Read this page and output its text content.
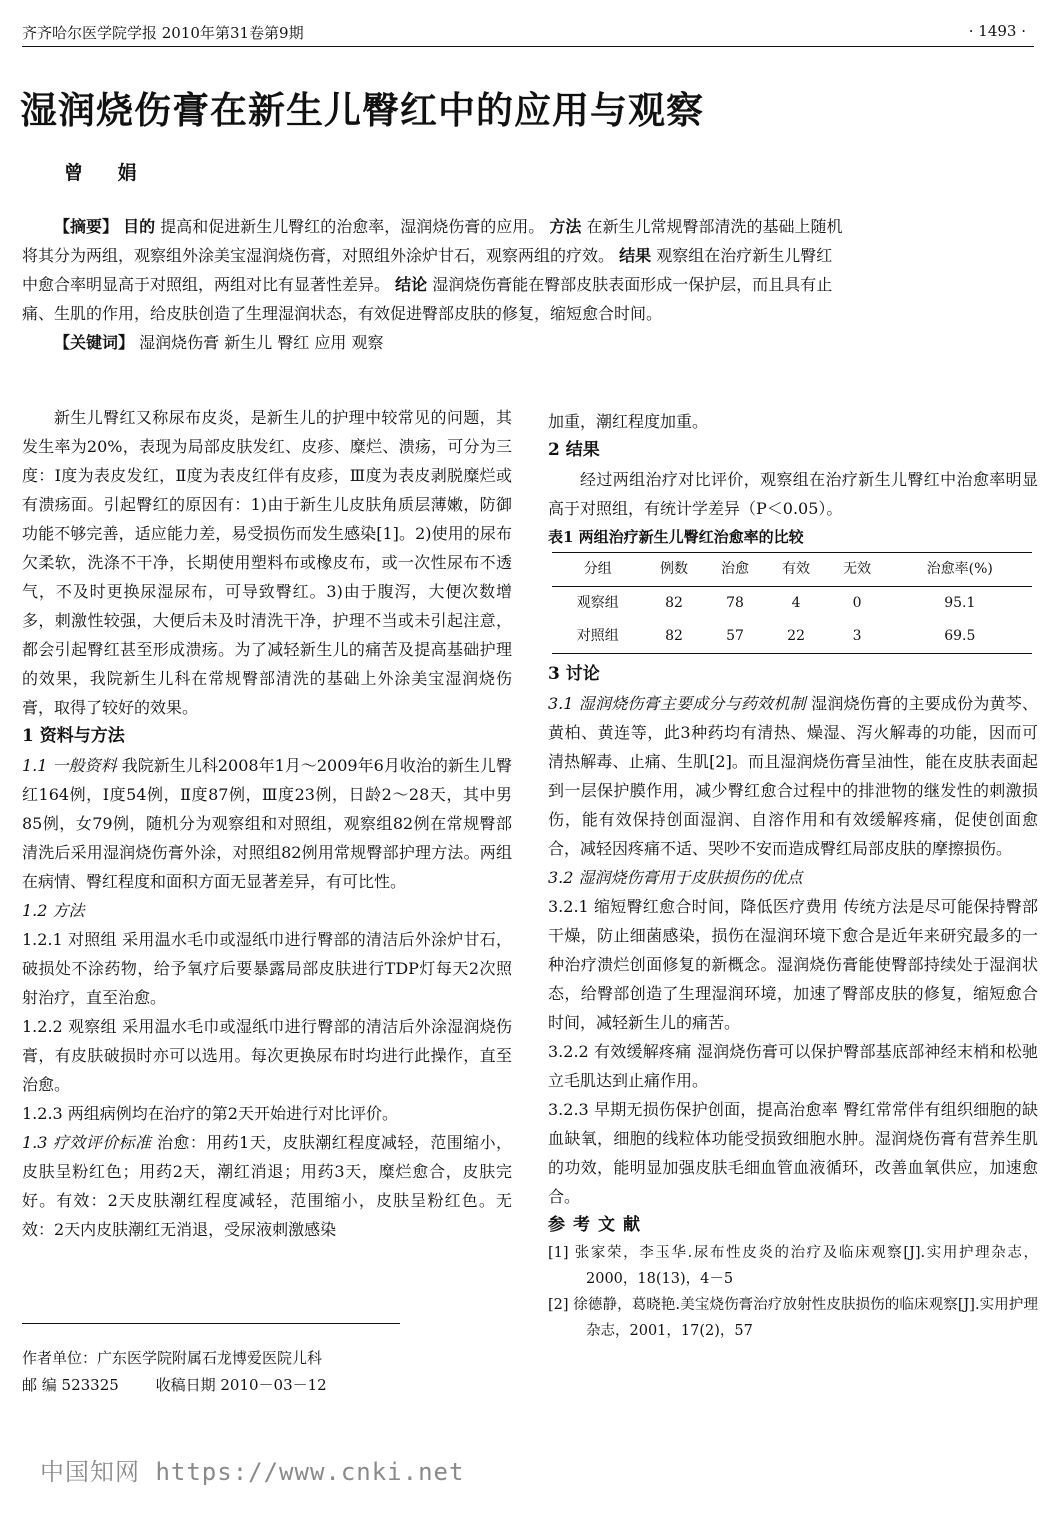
齐齐哈尔医学院学报 2010年第31卷第9期	· 1493 ·
湿润烧伤膏在新生儿臀红中的应用与观察
曾 娟

【摘要】 目的 提高和促进新生儿臀红的治愈率，湿润烧伤膏的应用。 方法 在新生儿常规臀部清洗的基础上随机将其分为两组，观察组外涂美宝湿润烧伤膏，对照组外涂炉甘石，观察两组的疗效。 结果 观察组在治疗新生儿臀红中愈合率明显高于对照组，两组对比有显著性差异。 结论 湿润烧伤膏能在臀部皮肤表面形成一保护层，而且具有止痛、生肌的作用，给皮肤创造了生理湿润状态，有效促进臀部皮肤的修复，缩短愈合时间。

【关键词】 湿润烧伤膏 新生儿 臀红 应用 观察

新生儿臀红又称尿布皮炎，是新生儿的护理中较常见的问题，其发生率为20%，表现为局部皮肤发红、皮疹、糜烂、溃疡，可分为三度：Ⅰ度为表皮发红，Ⅱ度为表皮红伴有皮疹，Ⅲ度为表皮剥脱糜烂或有溃疡面。引起臀红的原因有：1)由于新生儿皮肤角质层薄嫩，防御功能不够完善，适应能力差，易受损伤而发生感染[1]。2)使用的尿布欠柔软，洗涤不干净，长期使用塑料布或橡皮布，或一次性尿布不透气，不及时更换尿湿尿布，可导致臀红。3)由于腹泻，大便次数增多，刺激性较强，大便后未及时清洗干净，护理不当或未引起注意，都会引起臀红甚至形成溃疡。为了减轻新生儿的痛苦及提高基础护理的效果，我院新生儿科在常规臀部清洗的基础上外涂美宝湿润烧伤膏，取得了较好的效果。

1 资料与方法

1.1 一般资料 我院新生儿科2008年1月～2009年6月收治的新生儿臀红164例，Ⅰ度54例，Ⅱ度87例，Ⅲ度23例，日龄2～28天，其中男85例，女79例，随机分为观察组和对照组，观察组82例在常规臀部清洗后采用湿润烧伤膏外涂，对照组82例用常规臀部护理方法。两组在病情、臀红程度和面积方面无显著差异，有可比性。

1.2 方法

1.2.1 对照组 采用温水毛巾或湿纸巾进行臀部的清洁后外涂炉甘石，破损处不涂药物，给予氧疗后要暴露局部皮肤进行TDP灯每天2次照射治疗，直至治愈。

1.2.2 观察组 采用温水毛巾或湿纸巾进行臀部的清洁后外涂湿润烧伤膏，有皮肤破损时亦可以选用。每次更换尿布时均进行此操作，直至治愈。

1.2.3 两组病例均在治疗的第2天开始进行对比评价。

1.3 疗效评价标准 治愈：用药1天，皮肤潮红程度减轻，范围缩小，皮肤呈粉红色；用药2天，潮红消退；用药3天，糜烂愈合，皮肤完好。有效：2天皮肤潮红程度减轻，范围缩小，皮肤呈粉红色。无效：2天内皮肤潮红无消退，受尿液刺激感染

加重，潮红程度加重。

2 结果

经过两组治疗对比评价，观察组在治疗新生儿臀红中治愈率明显高于对照组，有统计学差异（P＜0.05）。

表1 两组治疗新生儿臀红治愈率的比较

分组	例数	治愈	有效	无效	治愈率(%)
观察组	82	78	4	0	95.1
对照组	82	57	22	3	69.5

3 讨论

3.1 湿润烧伤膏主要成分与药效机制 湿润烧伤膏的主要成份为黄芩、黄柏、黄连等，此3种药均有清热、燥湿、泻火解毒的功能，因而可清热解毒、止痛、生肌[2]。而且湿润烧伤膏呈油性，能在皮肤表面起到一层保护膜作用，减少臀红愈合过程中的排泄物的继发性的刺激损伤，能有效保持创面湿润、自溶作用和有效缓解疼痛，促使创面愈合，减轻因疼痛不适、哭吵不安而造成臀红局部皮肤的摩擦损伤。

3.2 湿润烧伤膏用于皮肤损伤的优点

3.2.1 缩短臀红愈合时间，降低医疗费用 传统方法是尽可能保持臀部干燥，防止细菌感染，损伤在湿润环境下愈合是近年来研究最多的一种治疗溃烂创面修复的新概念。湿润烧伤膏能使臀部持续处于湿润状态，给臀部创造了生理湿润环境，加速了臀部皮肤的修复，缩短愈合时间，减轻新生儿的痛苦。

3.2.2 有效缓解疼痛 湿润烧伤膏可以保护臀部基底部神经末梢和松驰立毛肌达到止痛作用。

3.2.3 早期无损伤保护创面，提高治愈率 臀红常常伴有组织细胞的缺血缺氧，细胞的线粒体功能受损致细胞水肿。湿润烧伤膏有营养生肌的功效，能明显加强皮肤毛细血管血液循环，改善血氧供应，加速愈合。

参考文献

[1] 张家荣，李玉华.尿布性皮炎的治疗及临床观察[J].实用护理杂志，2000，18(13)，4－5

[2] 徐德静，葛晓艳.美宝烧伤膏治疗放射性皮肤损伤的临床观察[J].实用护理杂志，2001，17(2)，57

作者单位：广东医学院附属石龙博爱医院儿科
邮 编 523325 收稿日期 2010－03－12
中国知网 https://www.cnki.net
